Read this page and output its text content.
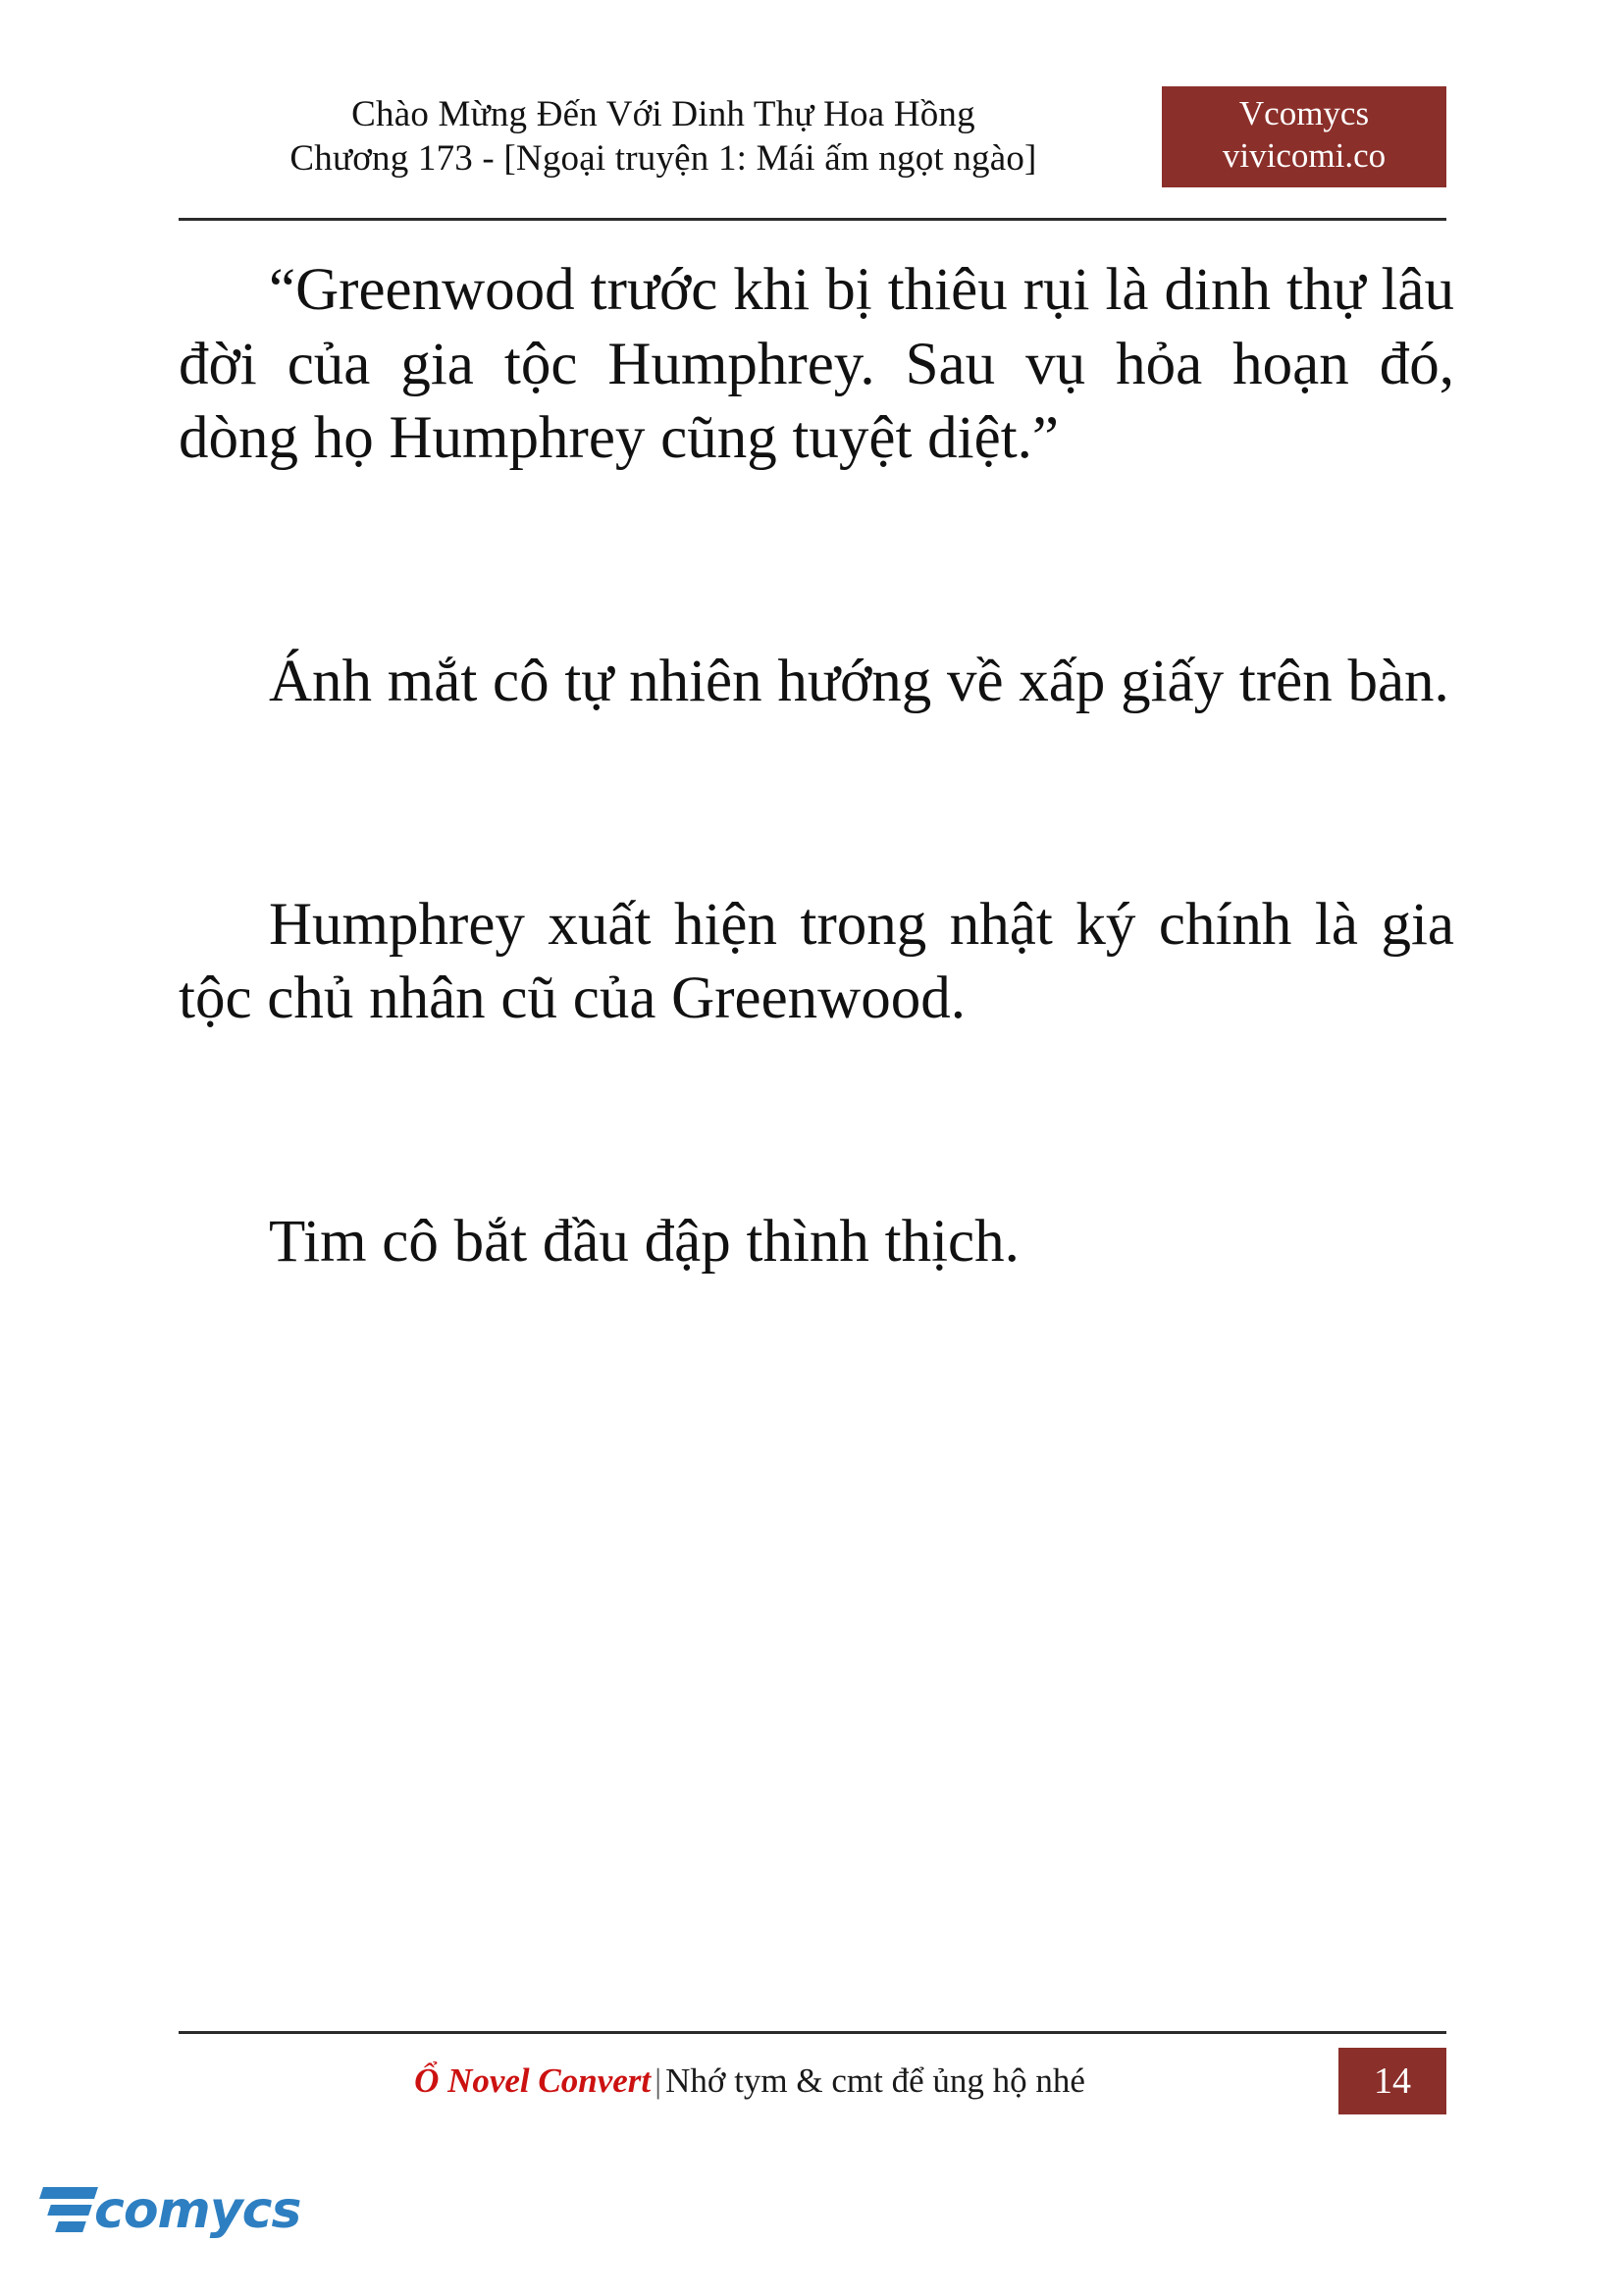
Chào Mừng Đến Với Dinh Thự Hoa Hồng
Chương 173 - [Ngoại truyện 1: Mái ấm ngọt ngào]
Vcomycs
vivicomi.co

“Greenwood trước khi bị thiêu rụi là dinh thự lâu đời của gia tộc Humphrey. Sau vụ hỏa hoạn đó, dòng họ Humphrey cũng tuyệt diệt.”

Ánh mắt cô tự nhiên hướng về xấp giấy trên bàn.

Humphrey xuất hiện trong nhật ký chính là gia tộc chủ nhân cũ của Greenwood.

Tim cô bắt đầu đập thình thịch.

Ổ Novel Convert | Nhớ tym & cmt để ủng hộ nhé	14
comycs
